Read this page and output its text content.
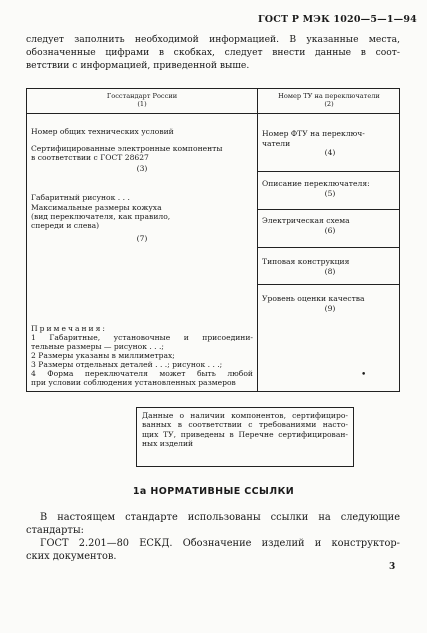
ГОСТ Р МЭК 1020—5—1—94
следует заполнить необходимой информацией. В указанные места,
обозначенные цифрами в скобках, следует внести данные в соот-
ветствии с информацией, приведенной выше.
Госстандарт России
(1)
Номер ТУ на переключатели
(2)
Номер общих технических условий
Сертифицированные электронные компоненты
в соответствии с ГОСТ 28627
(3)
Габаритный рисунок . . .
Максимальные размеры кожуха
(вид переключателя, как правило,
спереди и слева)
(7)
Примечания:
1 Габаритные, установочные и присоедини-
тельные размеры — рисунок . . .;
2 Размеры указаны в миллиметрах;
3 Размеры отдельных деталей . . .; рисунок . . .;
4 Форма переключателя может быть любой
при условии соблюдения установленных размеров
Номер ФТУ на переключ-
чатели
(4)
Описание переключателя:
(5)
Электрическая схема
(6)
Типовая конструкция
(8)
Уровень оценки качества
(9)
•
Данные о наличии компонентов, сертифициро-
ванных в соответствии с требованиями насто-
щих ТУ, приведены в Перечне сертифицирован-
ных изделий
1а НОРМАТИВНЫЕ ССЫЛКИ
В настоящем стандарте использованы ссылки на следующие
стандарты:
ГОСТ 2.201—80 ЕСКД. Обозначение изделий и конструктор-
ских документов.
3
